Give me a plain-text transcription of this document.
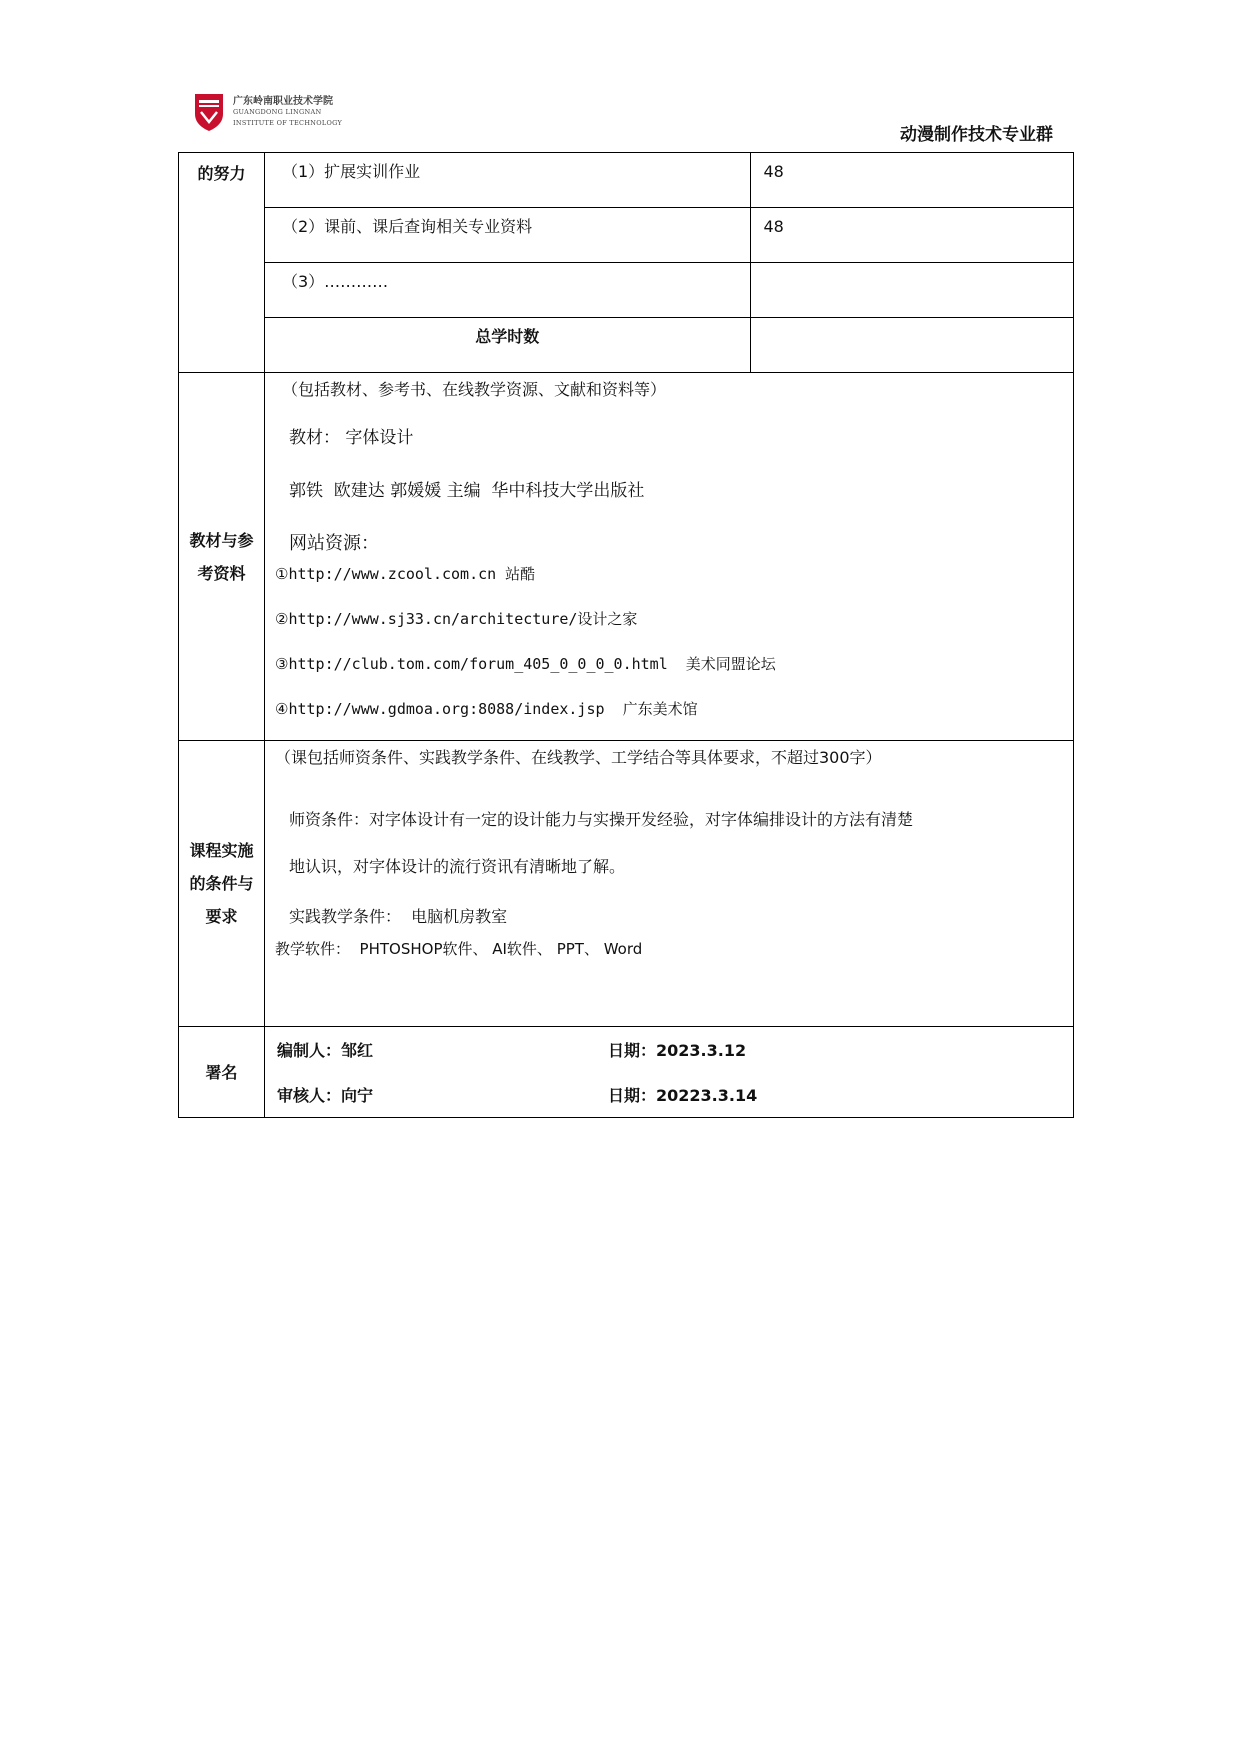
广东岭南职业技术学院
GUANGDONG LINGNAN
INSTITUTE OF TECHNOLOGY
动漫制作技术专业群
的努力	（1）扩展实训作业	48
（2）课前、课后查询相关专业资料	48
（3）…………	
总学时数	

教材与参考资料	
（包括教材、参考书、在线教学资源、文献和资料等）
教材： 字体设计
郭铁  欧建达 郭媛媛 主编  华中科技大学出版社
网站资源：
①http://www.zcool.com.cn 站酷
②http://www.sj33.cn/architecture/设计之家
③http://club.tom.com/forum_405_0_0_0_0.html  美术同盟论坛
④http://www.gdmoa.org:8088/index.jsp  广东美术馆

课程实施的条件与要求	
（课包括师资条件、实践教学条件、在线教学、工学结合等具体要求，不超过300字）
师资条件：对字体设计有一定的设计能力与实操开发经验，对字体编排设计的方法有清楚
地认识，对字体设计的流行资讯有清晰地了解。
实践教学条件：  电脑机房教室
教学软件：  PHTOSHOP软件、 AI软件、 PPT、 Word

署名	
编制人：邹红	日期：2023.3.12
审核人：向宁	日期：20223.3.14
